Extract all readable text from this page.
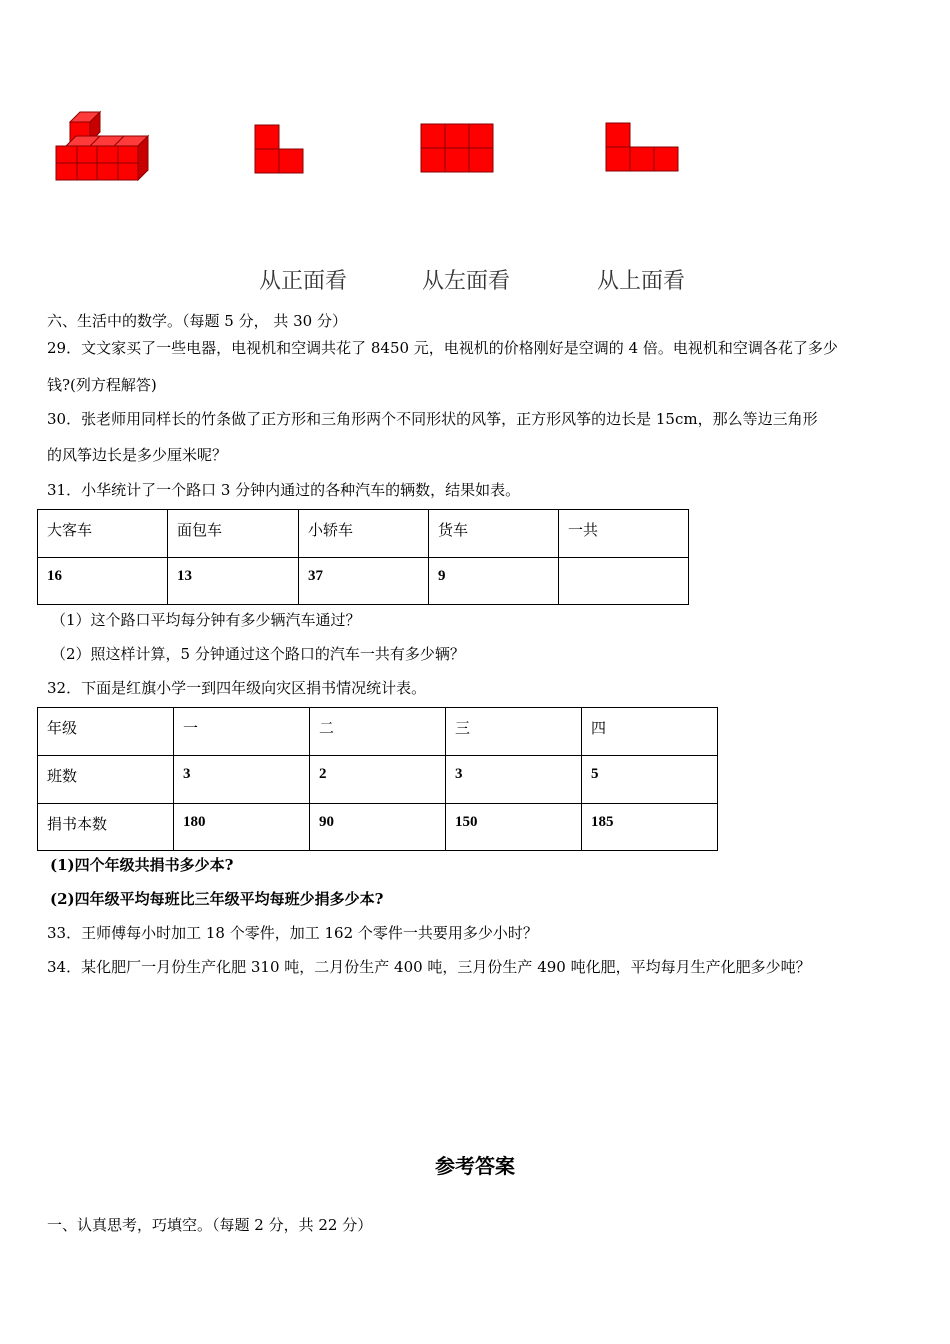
从正面看	从左面看	从上面看
六、生活中的数学。（每题 5 分， 共 30 分）
29．文文家买了一些电器，电视机和空调共花了 8450 元，电视机的价格刚好是空调的 4 倍。电视机和空调各花了多少
钱?(列方程解答)
30．张老师用同样长的竹条做了正方形和三角形两个不同形状的风筝，正方形风筝的边长是 15cm，那么等边三角形
的风筝边长是多少厘米呢？
31．小华统计了一个路口 3 分钟内通过的各种汽车的辆数，结果如表。
大客车	面包车	小轿车	货车	一共
16	13	37	9	
（1）这个路口平均每分钟有多少辆汽车通过？
（2）照这样计算，5 分钟通过这个路口的汽车一共有多少辆？
32．下面是红旗小学一到四年级向灾区捐书情况统计表。
年级	一	二	三	四
班数	3	2	3	5
捐书本数	180	90	150	185
(1)四个年级共捐书多少本?
(2)四年级平均每班比三年级平均每班少捐多少本?
33．王师傅每小时加工 18 个零件，加工 162 个零件一共要用多少小时？
34．某化肥厂一月份生产化肥 310 吨，二月份生产 400 吨，三月份生产 490 吨化肥，平均每月生产化肥多少吨？
参考答案
一、认真思考，巧填空。（每题 2 分，共 22 分）
